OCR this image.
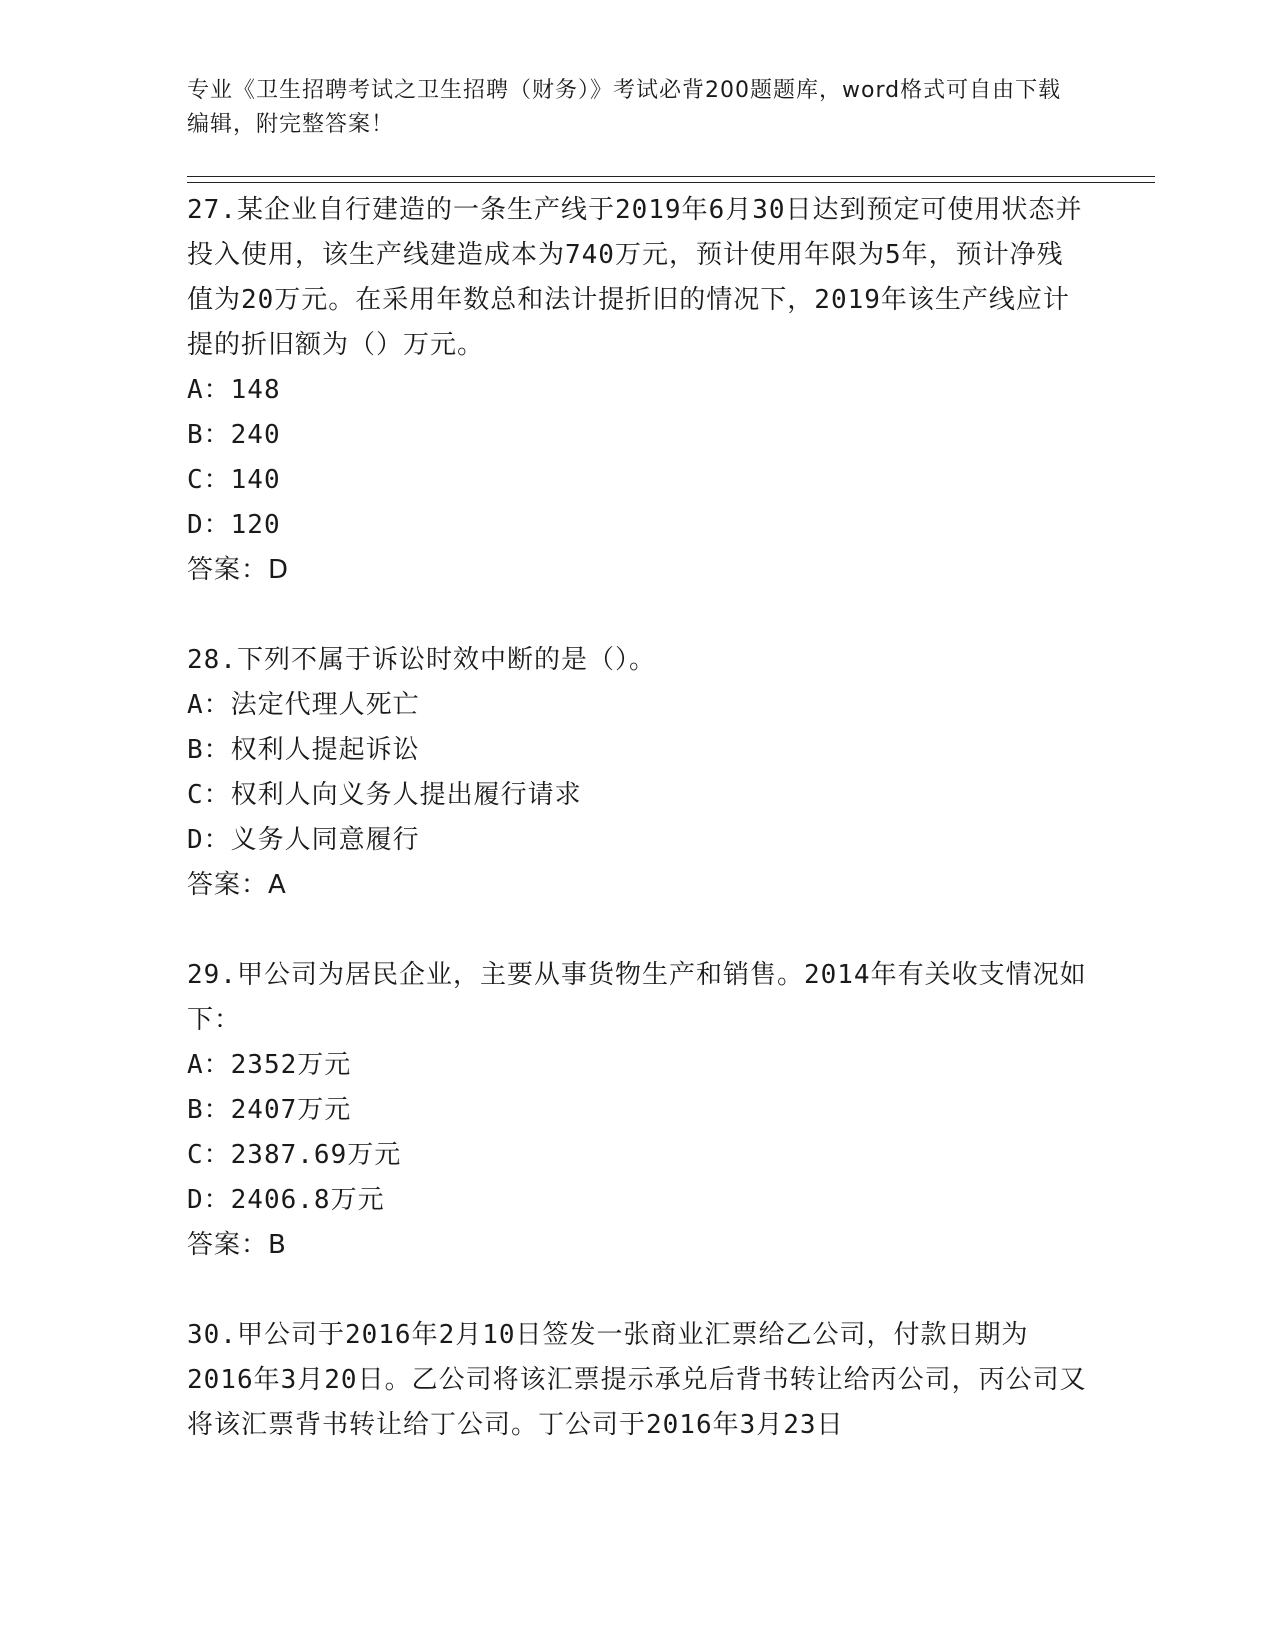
专业《卫生招聘考试之卫生招聘（财务）》考试必背200题题库，word格式可自由下载编辑，附完整答案！

27.某企业自行建造的一条生产线于2019年6月30日达到预定可使用状态并投入使用，该生产线建造成本为740万元，预计使用年限为5年，预计净残值为20万元。在采用年数总和法计提折旧的情况下，2019年该生产线应计提的折旧额为（）万元。

A：148

B：240

C：140

D：120

答案：D

28.下列不属于诉讼时效中断的是（）。

A：法定代理人死亡

B：权利人提起诉讼

C：权利人向义务人提出履行请求

D：义务人同意履行

答案：A

29.甲公司为居民企业，主要从事货物生产和销售。2014年有关收支情况如下：

A：2352万元

B：2407万元

C：2387.69万元

D：2406.8万元

答案：B

30.甲公司于2016年2月10日签发一张商业汇票给乙公司，付款日期为2016年3月20日。乙公司将该汇票提示承兑后背书转让给丙公司，丙公司又将该汇票背书转让给丁公司。丁公司于2016年3月23日
